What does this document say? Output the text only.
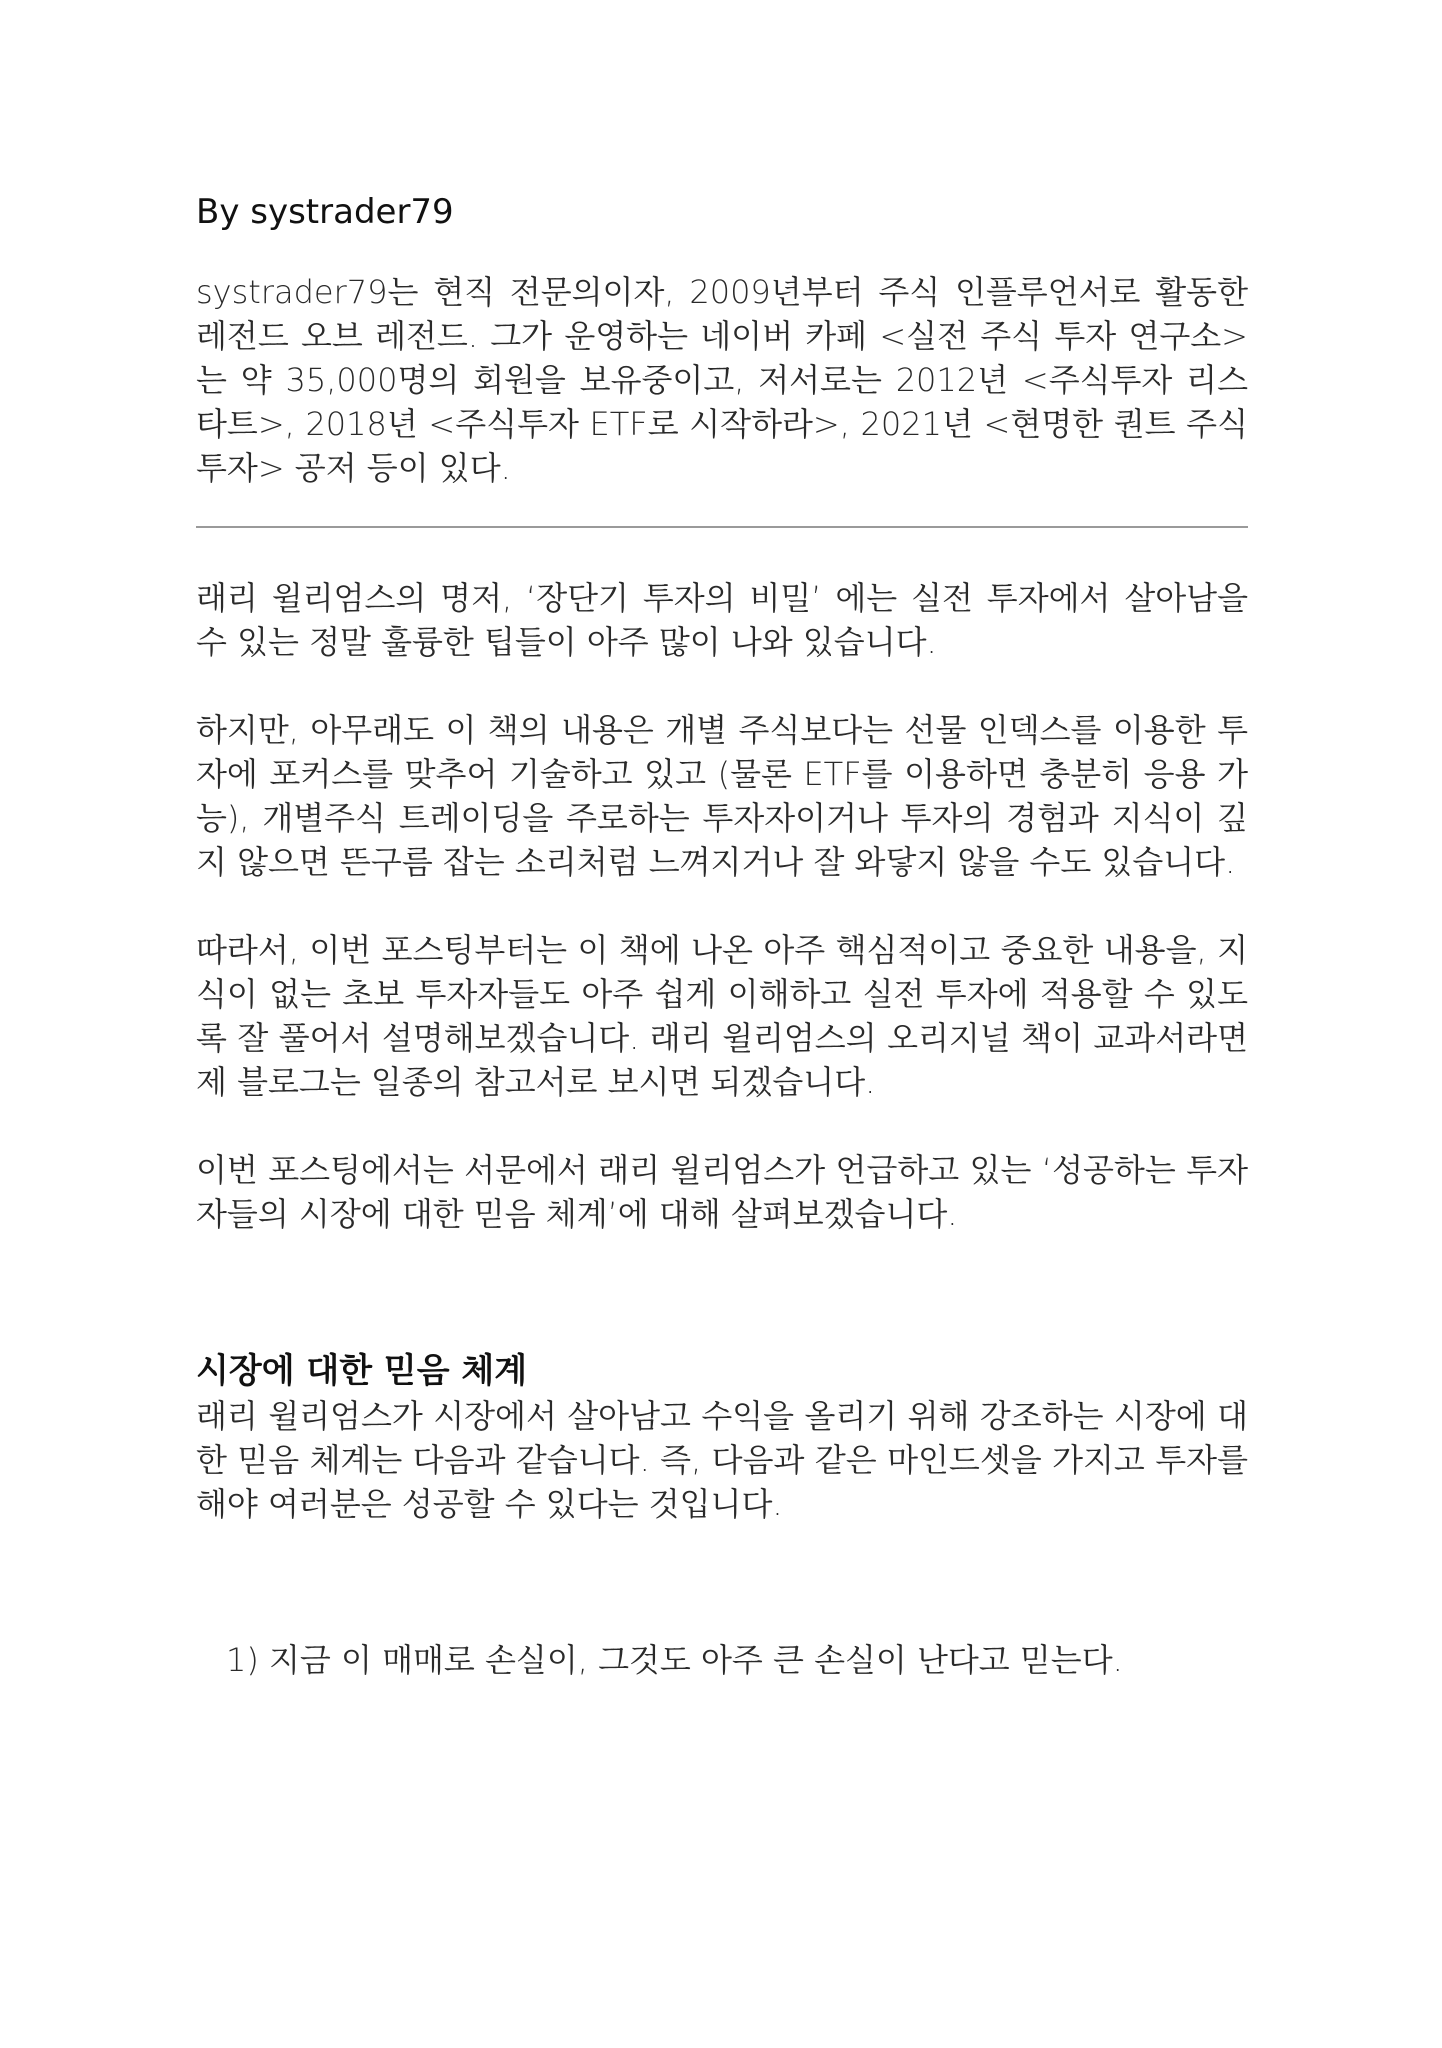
By systrader79

systrader79는 현직 전문의이자, 2009년부터 주식 인플루언서로 활동한 레전드 오브 레전드. 그가 운영하는 네이버 카페 <실전 주식 투자 연구소>는 약 35,000명의 회원을 보유중이고, 저서로는 2012년 <주식투자 리스타트>, 2018년 <주식투자 ETF로 시작하라>, 2021년 <현명한 퀀트 주식투자> 공저 등이 있다.

래리 윌리엄스의 명저, ‘장단기 투자의 비밀’ 에는 실전 투자에서 살아남을 수 있는 정말 훌륭한 팁들이 아주 많이 나와 있습니다.

하지만, 아무래도 이 책의 내용은 개별 주식보다는 선물 인덱스를 이용한 투자에 포커스를 맞추어 기술하고 있고 (물론 ETF를 이용하면 충분히 응용 가능), 개별주식 트레이딩을 주로하는 투자자이거나 투자의 경험과 지식이 깊지 않으면 뜬구름 잡는 소리처럼 느껴지거나 잘 와닿지 않을 수도 있습니다.

따라서, 이번 포스팅부터는 이 책에 나온 아주 핵심적이고 중요한 내용을, 지식이 없는 초보 투자자들도 아주 쉽게 이해하고 실전 투자에 적용할 수 있도록 잘 풀어서 설명해보겠습니다. 래리 윌리엄스의 오리지널 책이 교과서라면 제 블로그는 일종의 참고서로 보시면 되겠습니다.

이번 포스팅에서는 서문에서 래리 윌리엄스가 언급하고 있는 ‘성공하는 투자자들의 시장에 대한 믿음 체계’에 대해 살펴보겠습니다.

시장에 대한 믿음 체계

래리 윌리엄스가 시장에서 살아남고 수익을 올리기 위해 강조하는 시장에 대한 믿음 체계는 다음과 같습니다. 즉, 다음과 같은 마인드셋을 가지고 투자를 해야 여러분은 성공할 수 있다는 것입니다.

1) 지금 이 매매로 손실이, 그것도 아주 큰 손실이 난다고 믿는다.
